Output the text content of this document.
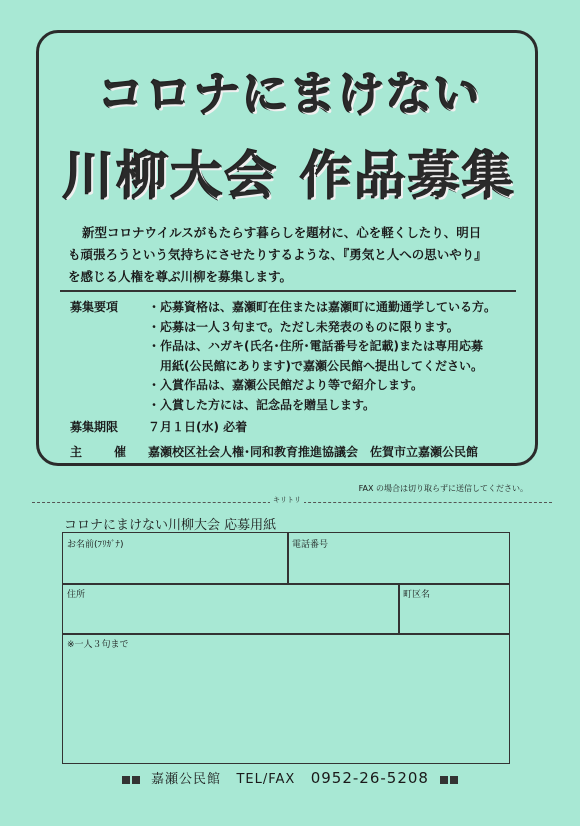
コロナにまけない
川柳大会 作品募集
新型コロナウイルスがもたらす暮らしを題材に、心を軽くしたり、明日
も頑張ろうという気持ちにさせたりするような、『勇気と人への思いやり』
を感じる人権を尊ぶ川柳を募集します。
募集要項 ・応募資格は、嘉瀬町在住または嘉瀬町に通勤通学している方。
・応募は一人３句まで。ただし未発表のものに限ります。
・作品は、ハガキ(氏名･住所･電話番号を記載)または専用応募
　用紙(公民館にあります)で嘉瀬公民館へ提出してください。
・入賞作品は、嘉瀬公民館だより等で紹介します。
・入賞した方には、記念品を贈呈します。
募集期限 ７月１日(水) 必着
主　催 嘉瀬校区社会人権･同和教育推進協議会　佐賀市立嘉瀬公民館
FAX の場合は切り取らずに送信してください。
キリトリ
コロナにまけない川柳大会 応募用紙
お名前(ﾌﾘｶﾞﾅ)	電話番号
住所	町区名
※一人３句まで
嘉瀬公民館 TEL/FAX 0952-26-5208
